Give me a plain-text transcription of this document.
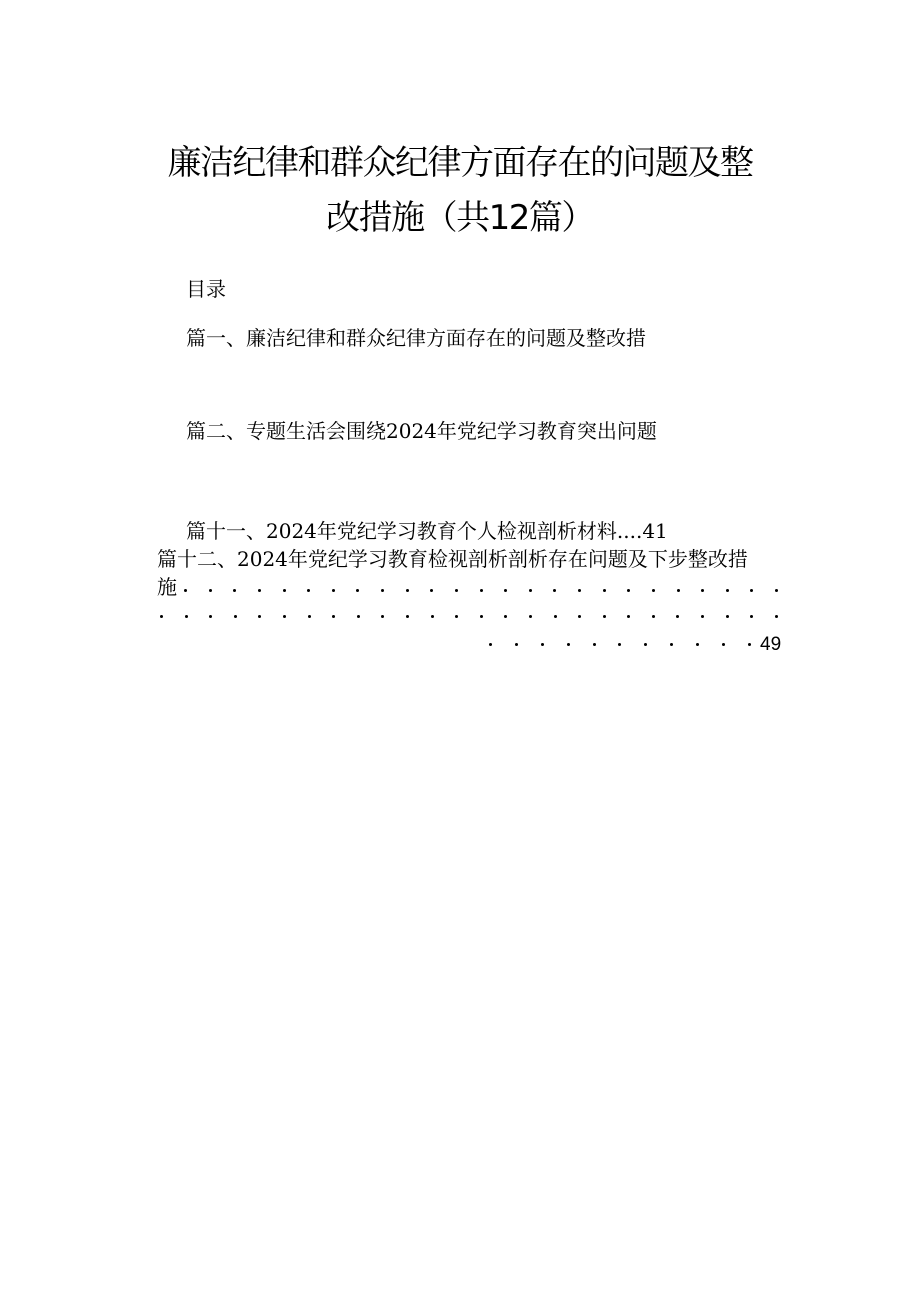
廉洁纪律和群众纪律方面存在的问题及整
改措施（共12篇）
目录
篇一、廉洁纪律和群众纪律方面存在的问题及整改措
篇二、专题生活会围绕2024年党纪学习教育突出问题
篇十一、2024年党纪学习教育个人检视剖析材料....41
篇十二、2024年党纪学习教育检视剖析剖析存在问题及下步整改措
施
49
